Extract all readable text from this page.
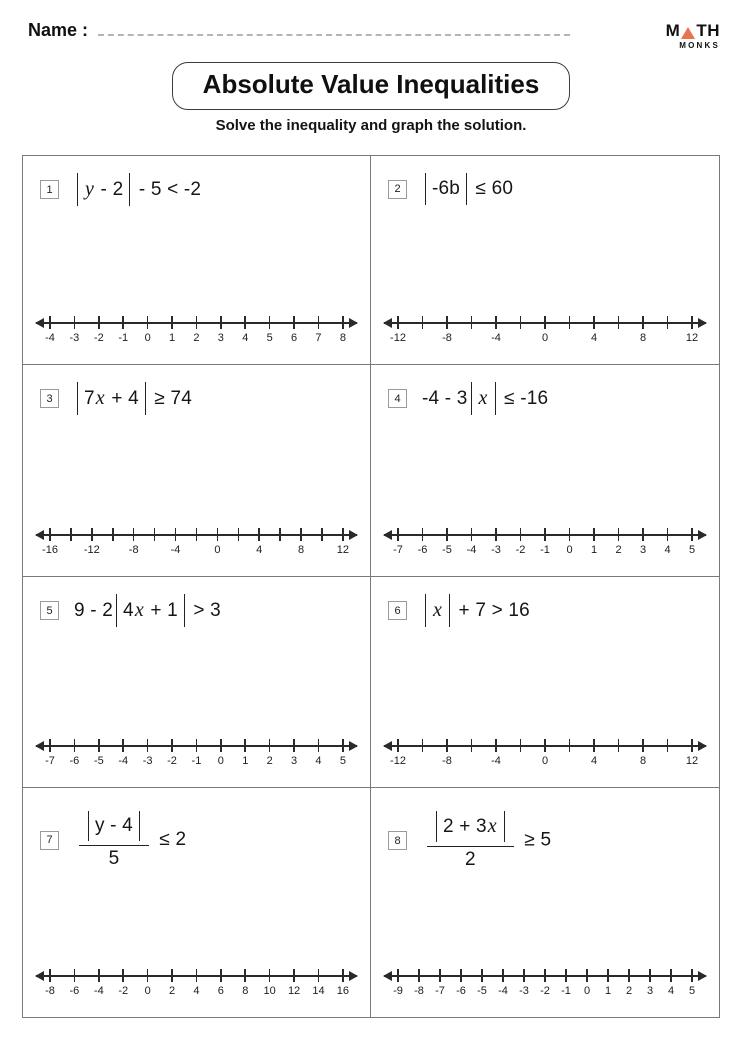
Name :	M TH
MONKS
Absolute Value Inequalities
Solve the inequality and graph the solution.
1	y - 2 - 5 < -2
-4 -3 -2 -1 0 1 2 3 4 5 6 7 8
2	-6b ≤ 60
-12	-8	-4	0	4	8	12
3	7x + 4 ≥ 74
-16 -12	-8	-4	0	4	8	12
4	-4 - 3 x ≤ -16
-7 -6 -5 -4 -3 -2 -1 0 1 2 3 4 5
5	9 - 2 4x + 1 > 3
-7 -6 -5 -4 -3 -2 -1 0 1 2 3 4 5
6	x + 7 > 16
-12	-8	-4	0	4	8	12
7	$\frac{y - 4}{5} \le 2$
-8 -6 -4 -2 0 2 4 6 8 10 12 14 16
8	$\frac{2 + 3x}{2} \ge 5$
-9 -8 -7 -6 -5 -4 -3 -2 -1 0 1 2 3 4 5
